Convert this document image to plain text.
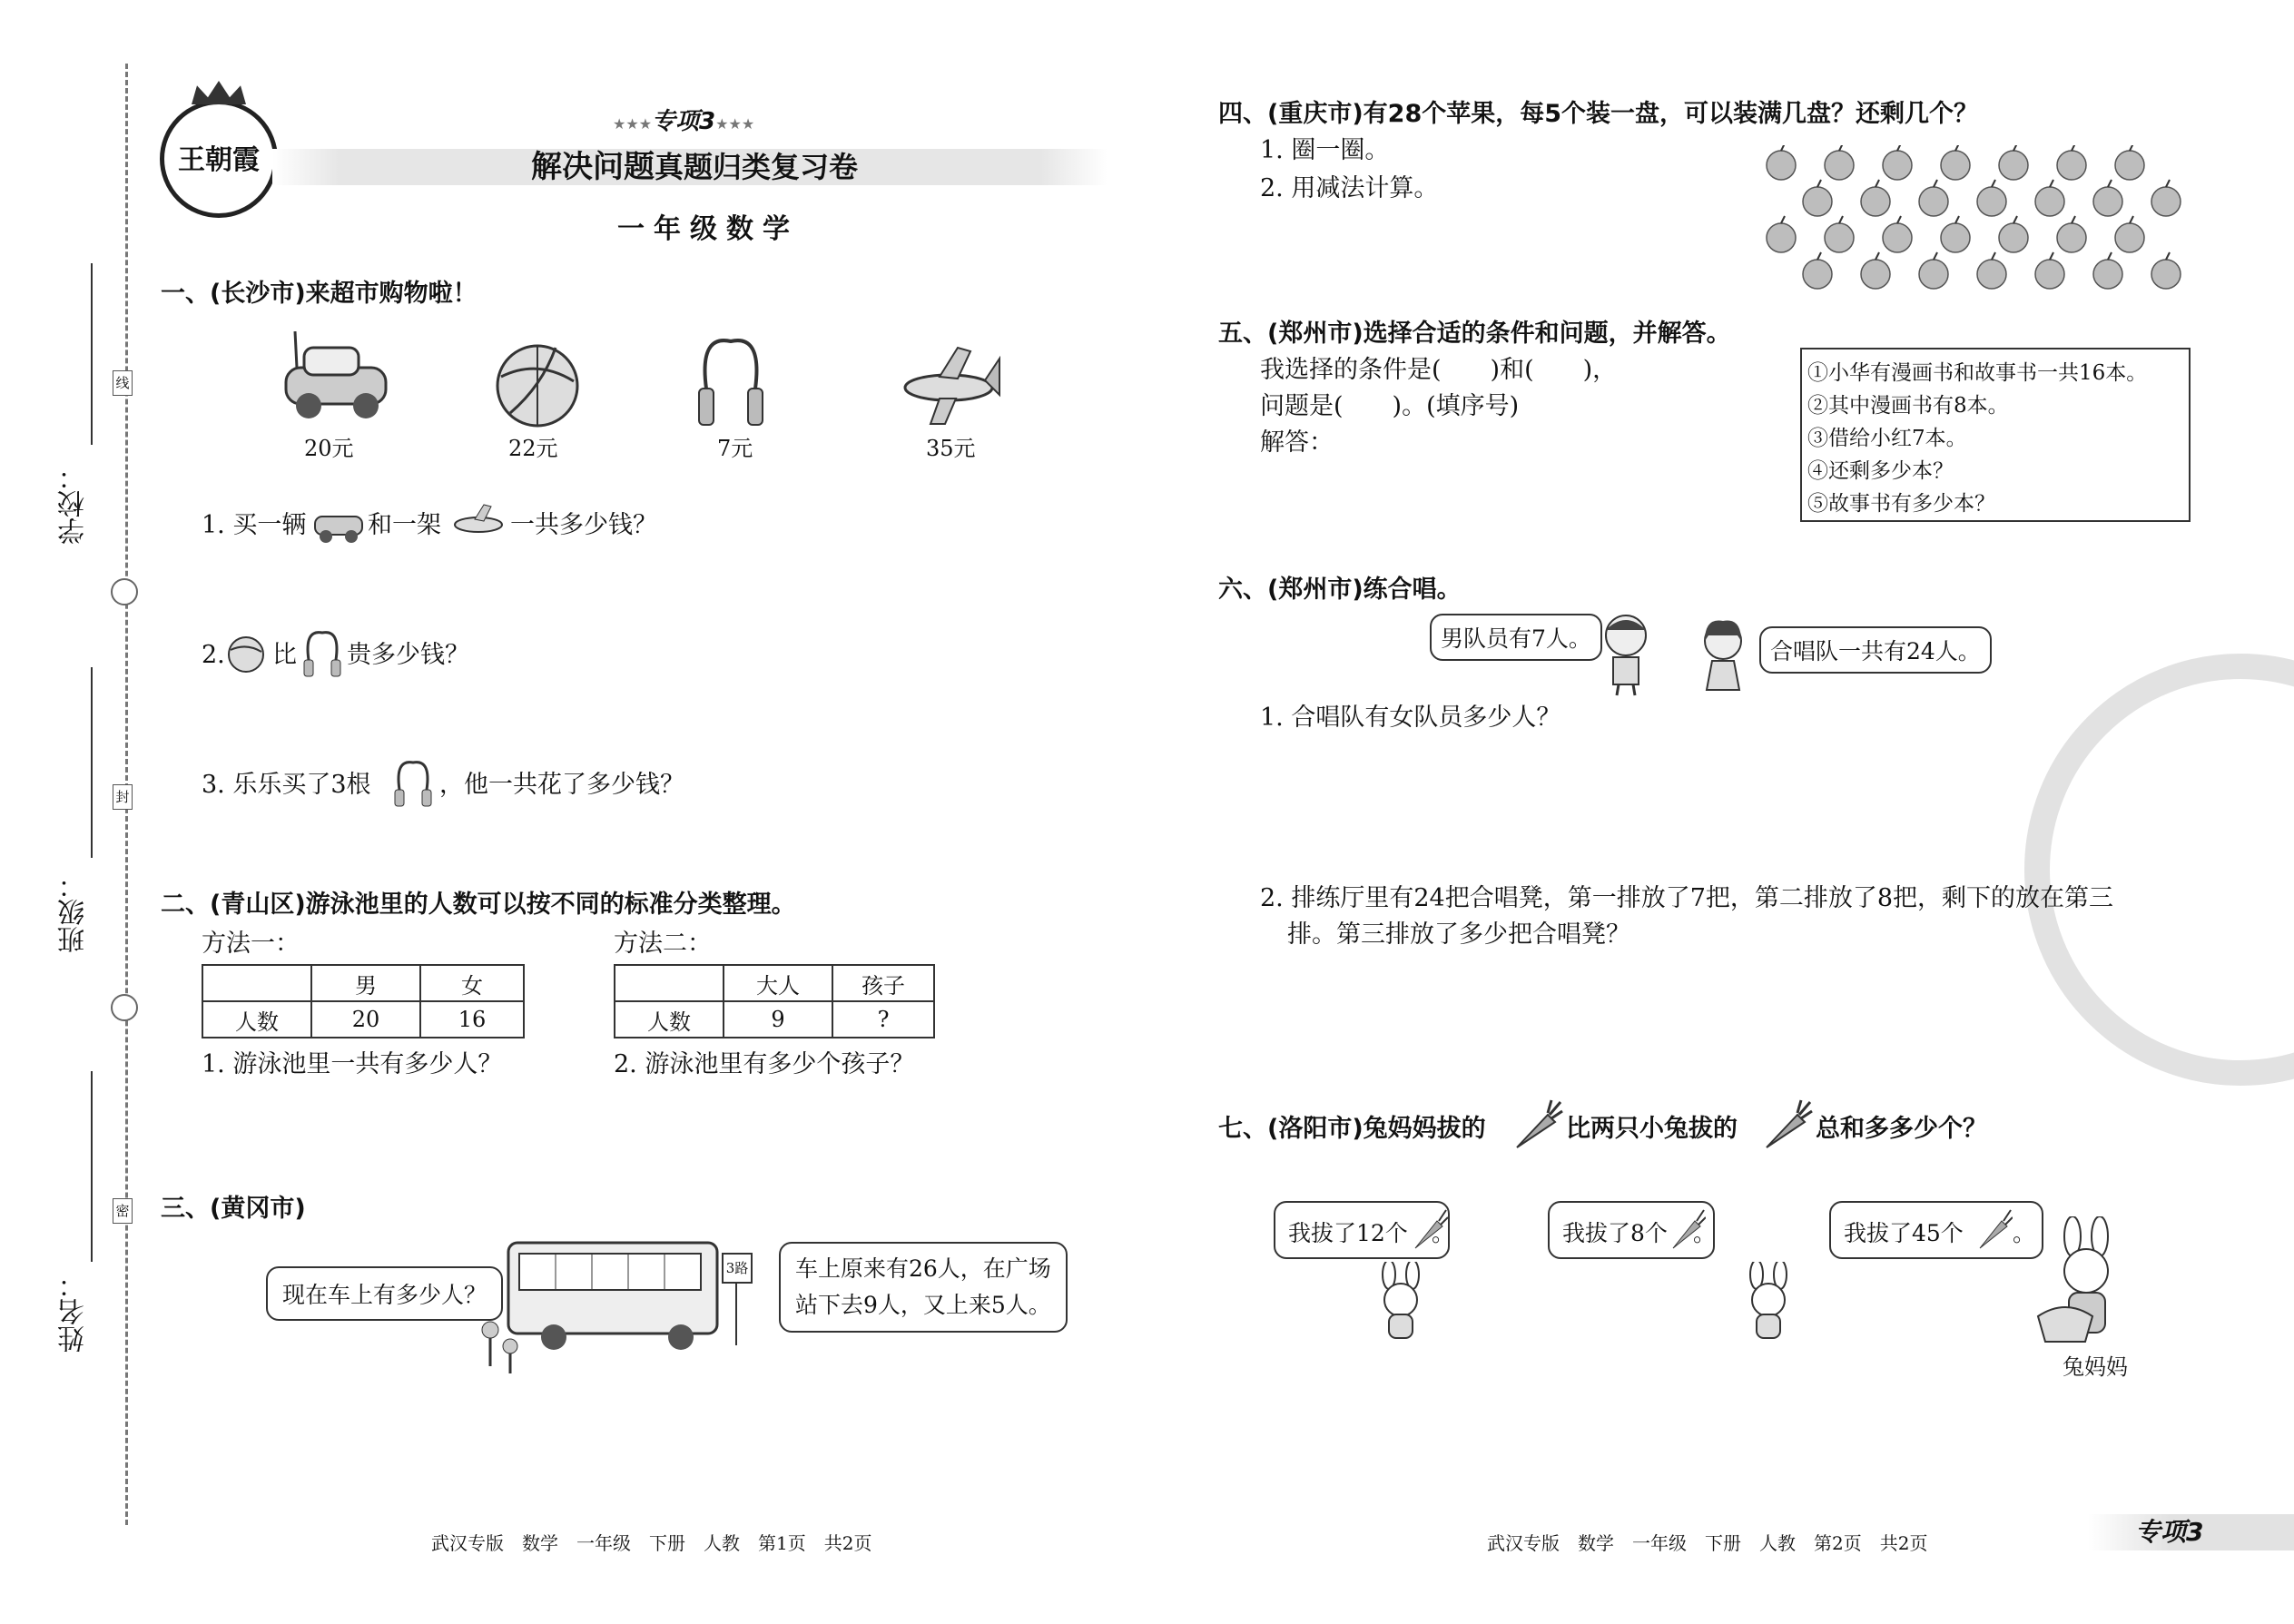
学校：
班级：
姓名：
线
封
密
王朝霞
★★★专项3★★★
解决问题真题归类复习卷
一年级数学
一、(长沙市)来超市购物啦！
20元	22元	7元	35元
1. 买一辆	和一架	一共多少钱？
2. 比 贵多少钱？
3. 乐乐买了3根	，他一共花了多少钱？
二、(青山区)游泳池里的人数可以按不同的标准分类整理。
方法一：
	男	女
人数	20	16
方法二：
	大人	孩子
人数	9	?
1. 游泳池里一共有多少人？	2. 游泳池里有多少个孩子？
三、(黄冈市)
现在车上有多少人？
3路 车上原来有26人，在广场
站下去9人，又上来5人。
武汉专版　数学　一年级　下册　人教　第1页　共2页
四、(重庆市)有28个苹果，每5个装一盘，可以装满几盘？还剩几个？
1. 圈一圈。
2. 用减法计算。
五、(郑州市)选择合适的条件和问题，并解答。
我选择的条件是(　　)和(　　)，
问题是(　　)。(填序号)
解答：
①小华有漫画书和故事书一共16本。
②其中漫画书有8本。
③借给小红7本。
④还剩多少本？
⑤故事书有多少本？
六、(郑州市)练合唱。
男队员有7人。	合唱队一共有24人。
1. 合唱队有女队员多少人？
2. 排练厅里有24把合唱凳，第一排放了7把，第二排放了8把，剩下的放在第三
排。第三排放了多少把合唱凳？
七、(洛阳市)兔妈妈拔的	比两只小兔拔的	总和多多少个？
我拔了12个 。	我拔了8个 。	我拔了45个 。
兔妈妈
武汉专版　数学　一年级　下册　人教　第2页　共2页	专项3
